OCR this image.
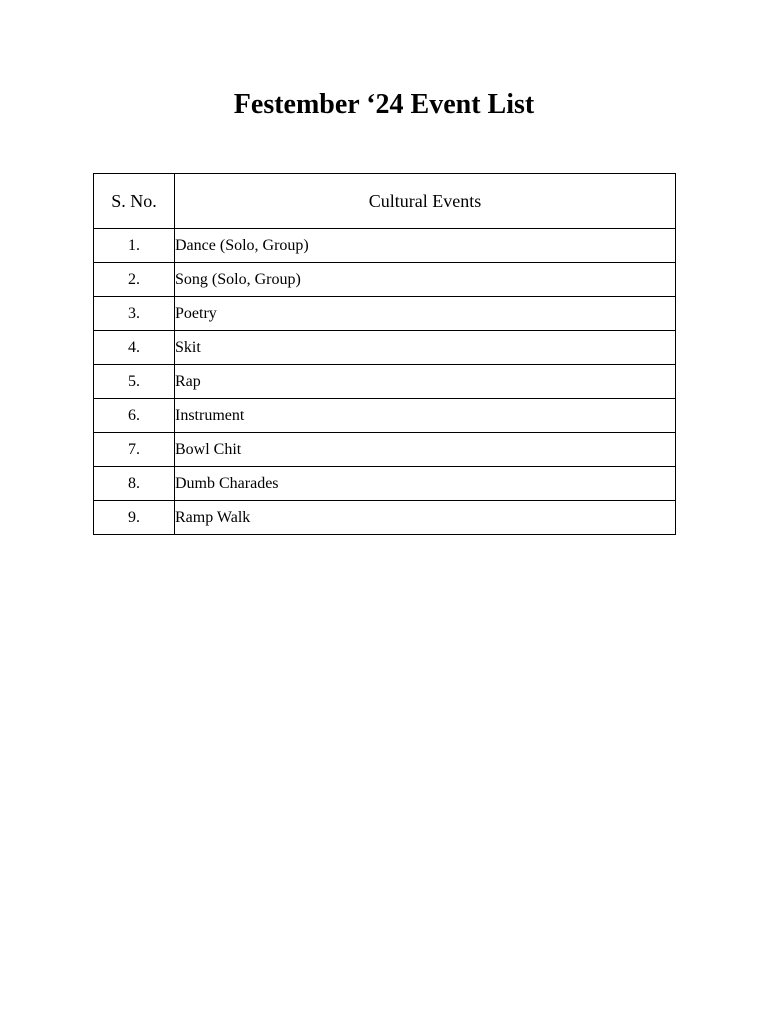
Festember ‘24 Event List
S. No.	Cultural Events
1.	Dance (Solo, Group)
2.	Song (Solo, Group)
3.	Poetry
4.	Skit
5.	Rap
6.	Instrument
7.	Bowl Chit
8.	Dumb Charades
9.	Ramp Walk
